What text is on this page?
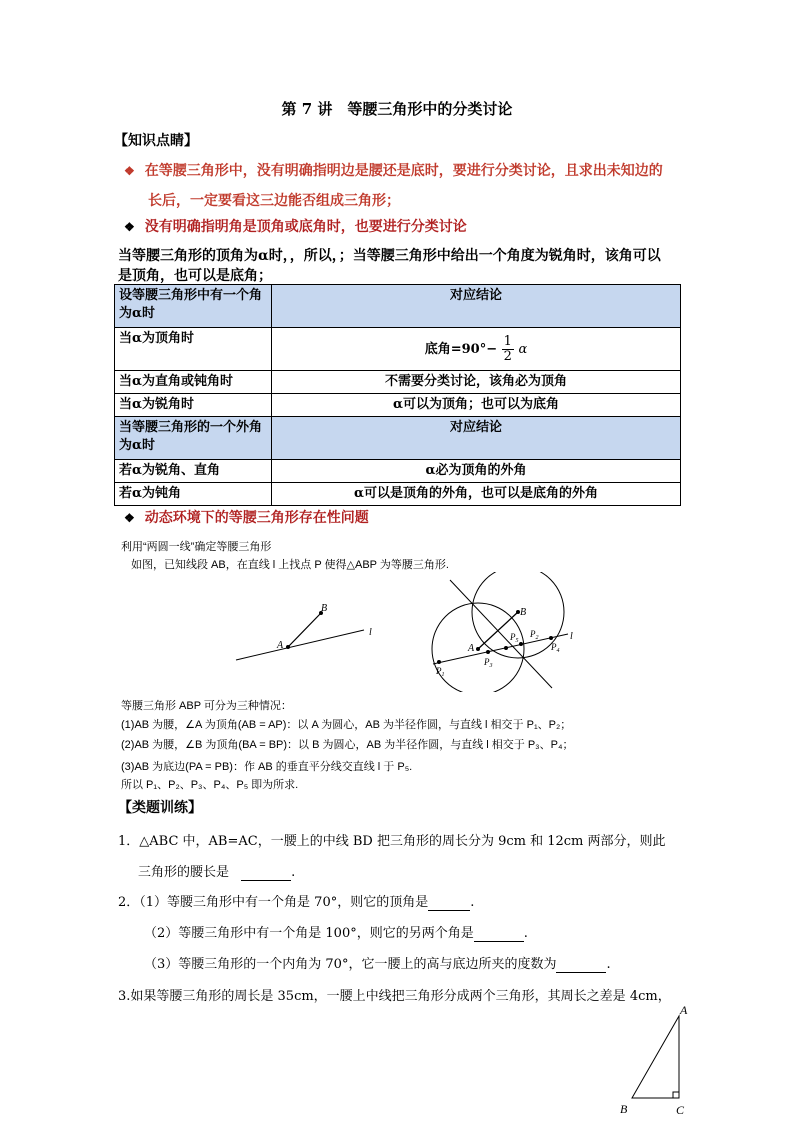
第 7 讲　等腰三角形中的分类讨论
【知识点睛】
❖ 在等腰三角形中，没有明确指明边是腰还是底时，要进行分类讨论，且求出未知边的
长后，一定要看这三边能否组成三角形；
❖ 没有明确指明角是顶角或底角时，也要进行分类讨论
当等腰三角形的顶角为α时，，所以，；当等腰三角形中给出一个角度为锐角时，该角可以
是顶角，也可以是底角；
设等腰三角形中有一个角为α时	对应结论
当α为顶角时	底角$=90^\circ- \frac{1}{2}$ α
当α为直角或钝角时	不需要分类讨论，该角必为顶角
当α为锐角时	α可以为顶角；也可以为底角
当等腰三角形的一个外角为α时	对应结论
若α为锐角、直角	α必为顶角的外角
若α为钝角	α可以是顶角的外角，也可以是底角的外角
❖ 动态环境下的等腰三角形存在性问题
利用“两圆一线”确定等腰三角形
如图，已知线段 AB，在直线 l 上找点 P 使得△ABP 为等腰三角形.
A
B
l
A
B
l
$P_1$
$P_2$
$P_3$
$P_4$
$P_5$
等腰三角形 ABP 可分为三种情况：
(1)AB 为腰，∠A 为顶角(AB = AP)：以 A 为圆心，AB 为半径作圆，与直线 l 相交于 P₁、P₂；
(2)AB 为腰，∠B 为顶角(BA = BP)：以 B 为圆心，AB 为半径作圆，与直线 l 相交于 P₃、P₄；
(3)AB 为底边(PA = PB)：作 AB 的垂直平分线交直线 l 于 P₅.
所以 P₁、P₂、P₃、P₄、P₅ 即为所求.
【类题训练】
1．△ABC 中，AB=AC，一腰上的中线 BD 把三角形的周长分为 9cm 和 12cm 两部分，则此
三角形的腰长是	.
2．（1）等腰三角形中有一个角是 70°，则它的顶角是	.
（2）等腰三角形中有一个角是 100°，则它的另两个角是	.
（3）等腰三角形的一个内角为 70°，它一腰上的高与底边所夹的度数为	.
3.如果等腰三角形的周长是 35cm，一腰上中线把三角形分成两个三角形，其周长之差是 4cm，
A
B	C
